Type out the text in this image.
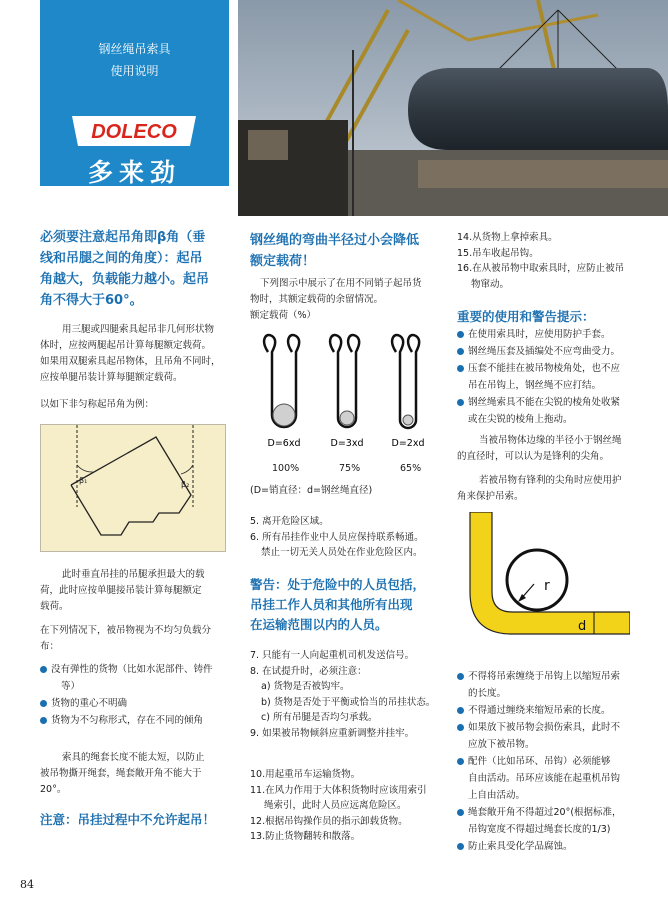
钢丝绳吊索具
使用说明
DOLECO
多来劲
必须要注意起吊角即β角（垂
线和吊腿之间的角度）：起吊
角越大，负载能力越小。起吊
角不得大于60°。
用三腿或四腿索具起吊非几何形状物
体时，应按两腿起吊计算每腿额定载荷。
如果用双腿索具起吊物体，且吊角不同时，
应按单腿吊装计算每腿额定载荷。
以如下非匀称起吊角为例：
β₁	β₂
此时垂直吊挂的吊腿承担最大的载
荷，此时应按单腿接吊装计算每腿额定
载荷。
在下列情况下，被吊物视为不均匀负载分
布：
没有弹性的货物（比如水泥部件、铸件
等）
货物的重心不明确
货物为不匀称形式，存在不同的倾角
索具的绳套长度不能太短，以防止
被吊物撕开绳套，绳套敞开角不能大于
20°。
注意：吊挂过程中不允许起吊！
钢丝绳的弯曲半径过小会降低
额定载荷！
下列图示中展示了在用不同销子起吊货
物时，其额定载荷的余留情况。
额定载荷（%）
D=6xd	D=3xd	D=2xd
100%	75%	65%
(D=销直径：d=钢丝绳直径)
5. 离开危险区域。
6. 所有吊挂作业中人员应保持联系畅通。
禁止一切无关人员处在作业危险区内。
警告：处于危险中的人员包括，
吊挂工作人员和其他所有出现
在运输范围以内的人员。
7. 只能有一人向起重机司机发送信号。
8. 在试提升时，必须注意：
a) 货物是否被钩牢。
b) 货物是否处于平衡或恰当的吊挂状态。
c) 所有吊腿是否均匀承载。
9. 如果被吊物倾斜应重新调整并挂牢。
10.用起重吊车运输货物。
11.在风力作用于大体积货物时应该用索引
绳索引，此时人员应远离危险区。
12.根据吊钩操作员的指示卸载货物。
13.防止货物翻转和散落。
14.从货物上拿掉索具。
15.吊车收起吊钩。
16.在从被吊物中取索具时，应防止被吊
物窜动。
重要的使用和警告提示：
在使用索具时，应使用防护手套。
钢丝绳压套及插编处不应弯曲受力。
压套不能挂在被吊物棱角处，也不应
吊在吊钩上，钢丝绳不应打结。
钢丝绳索具不能在尖锐的棱角处收紧
或在尖锐的棱角上拖动。
当被吊物体边缘的半径小于钢丝绳
的直径时，可以认为是锋利的尖角。
若被吊物有锋利的尖角时应使用护
角来保护吊索。
r
d
不得将吊索缠绕于吊钩上以缩短吊索
的长度。
不得通过缠绕来缩短吊索的长度。
如果放下被吊物会损伤索具，此时不
应放下被吊物。
配件（比如吊环、吊钩）必须能够
自由活动。吊环应该能在起重机吊钩
上自由活动。
绳套敞开角不得超过20°(根据标准，
吊钩宽度不得超过绳套长度的1/3)
防止索具受化学品腐蚀。
84
